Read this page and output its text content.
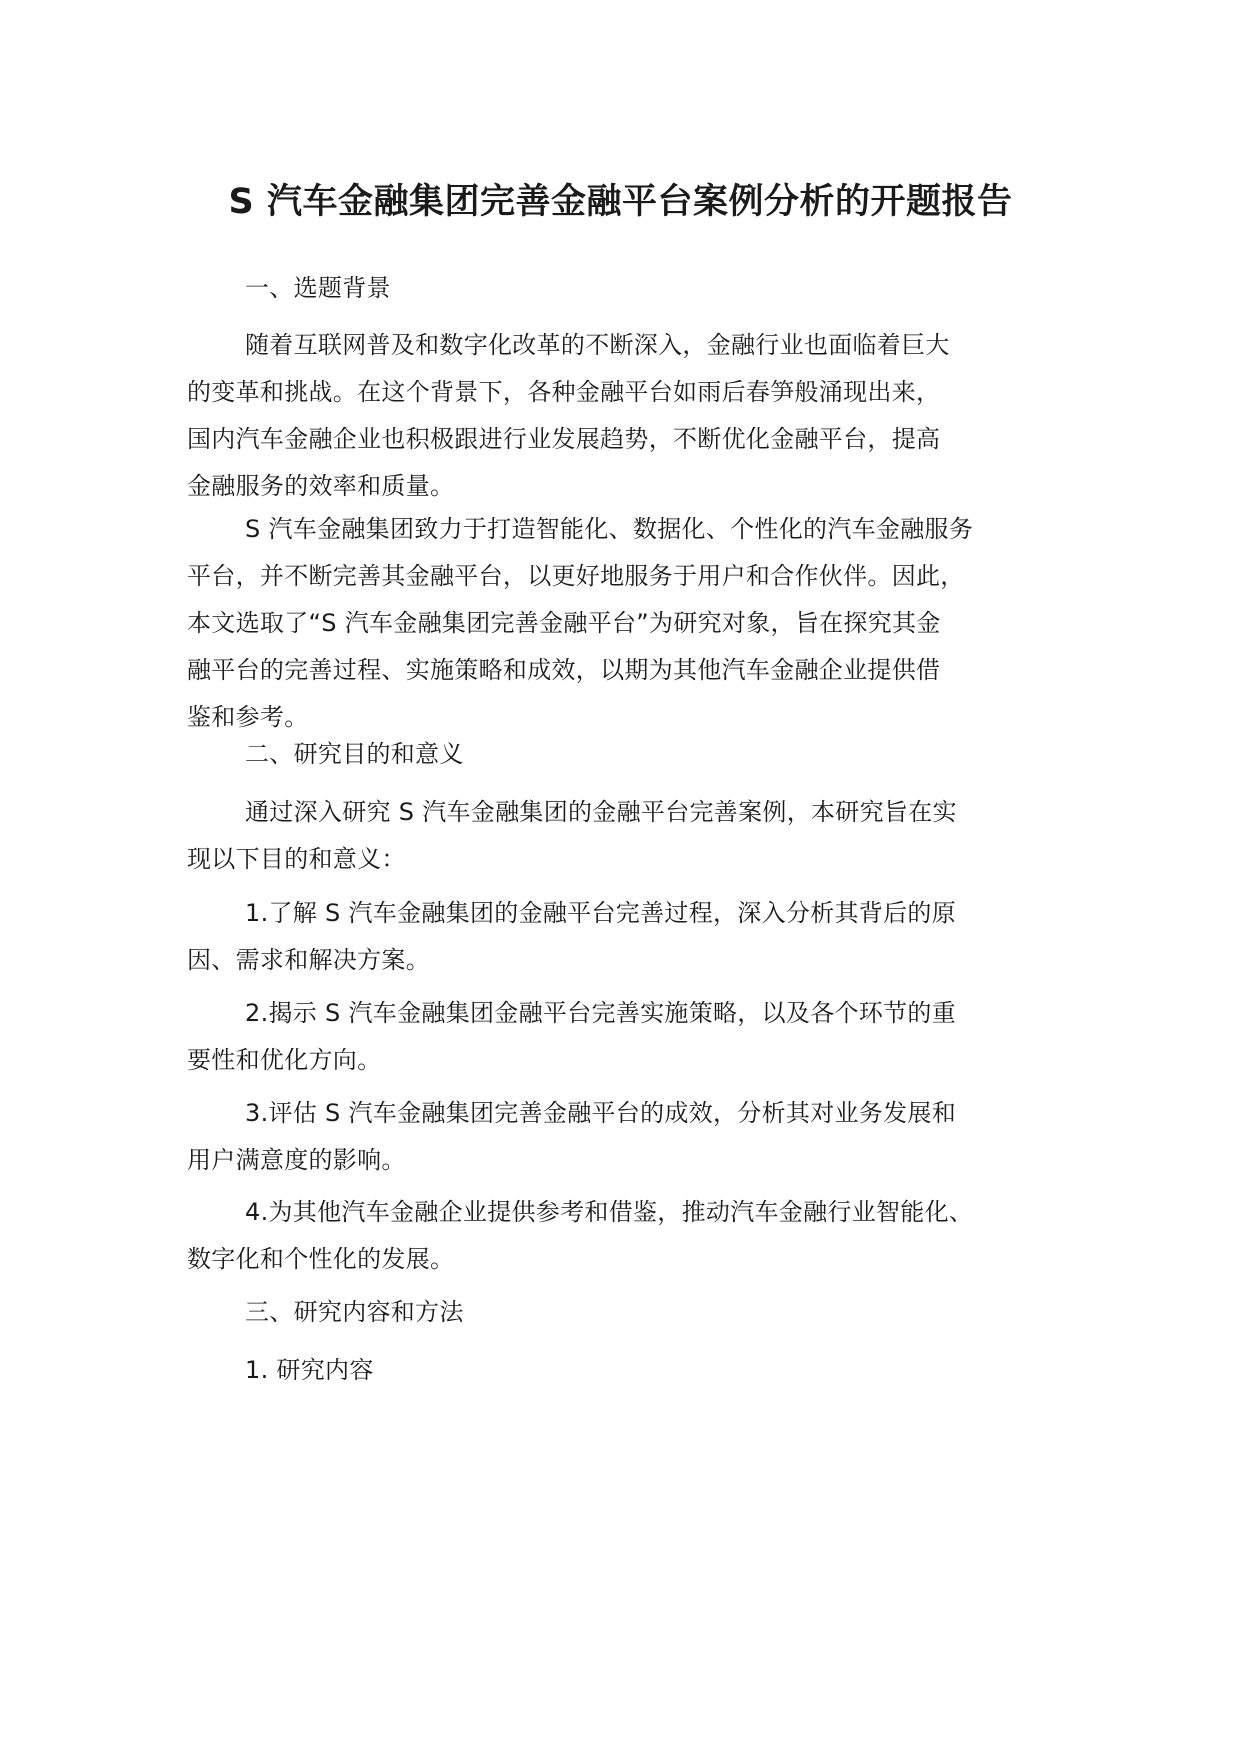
S 汽车金融集团完善金融平台案例分析的开题报告

一、选题背景

随着互联网普及和数字化改革的不断深入，金融行业也面临着巨大
的变革和挑战。在这个背景下，各种金融平台如雨后春笋般涌现出来，
国内汽车金融企业也积极跟进行业发展趋势，不断优化金融平台，提高
金融服务的效率和质量。

S 汽车金融集团致力于打造智能化、数据化、个性化的汽车金融服务
平台，并不断完善其金融平台，以更好地服务于用户和合作伙伴。因此，
本文选取了“S 汽车金融集团完善金融平台”为研究对象，旨在探究其金
融平台的完善过程、实施策略和成效，以期为其他汽车金融企业提供借
鉴和参考。

二、研究目的和意义

通过深入研究 S 汽车金融集团的金融平台完善案例，本研究旨在实
现以下目的和意义：

1.了解 S 汽车金融集团的金融平台完善过程，深入分析其背后的原
因、需求和解决方案。

2.揭示 S 汽车金融集团金融平台完善实施策略，以及各个环节的重
要性和优化方向。

3.评估 S 汽车金融集团完善金融平台的成效，分析其对业务发展和
用户满意度的影响。

4.为其他汽车金融企业提供参考和借鉴，推动汽车金融行业智能化、
数字化和个性化的发展。

三、研究内容和方法

1. 研究内容
